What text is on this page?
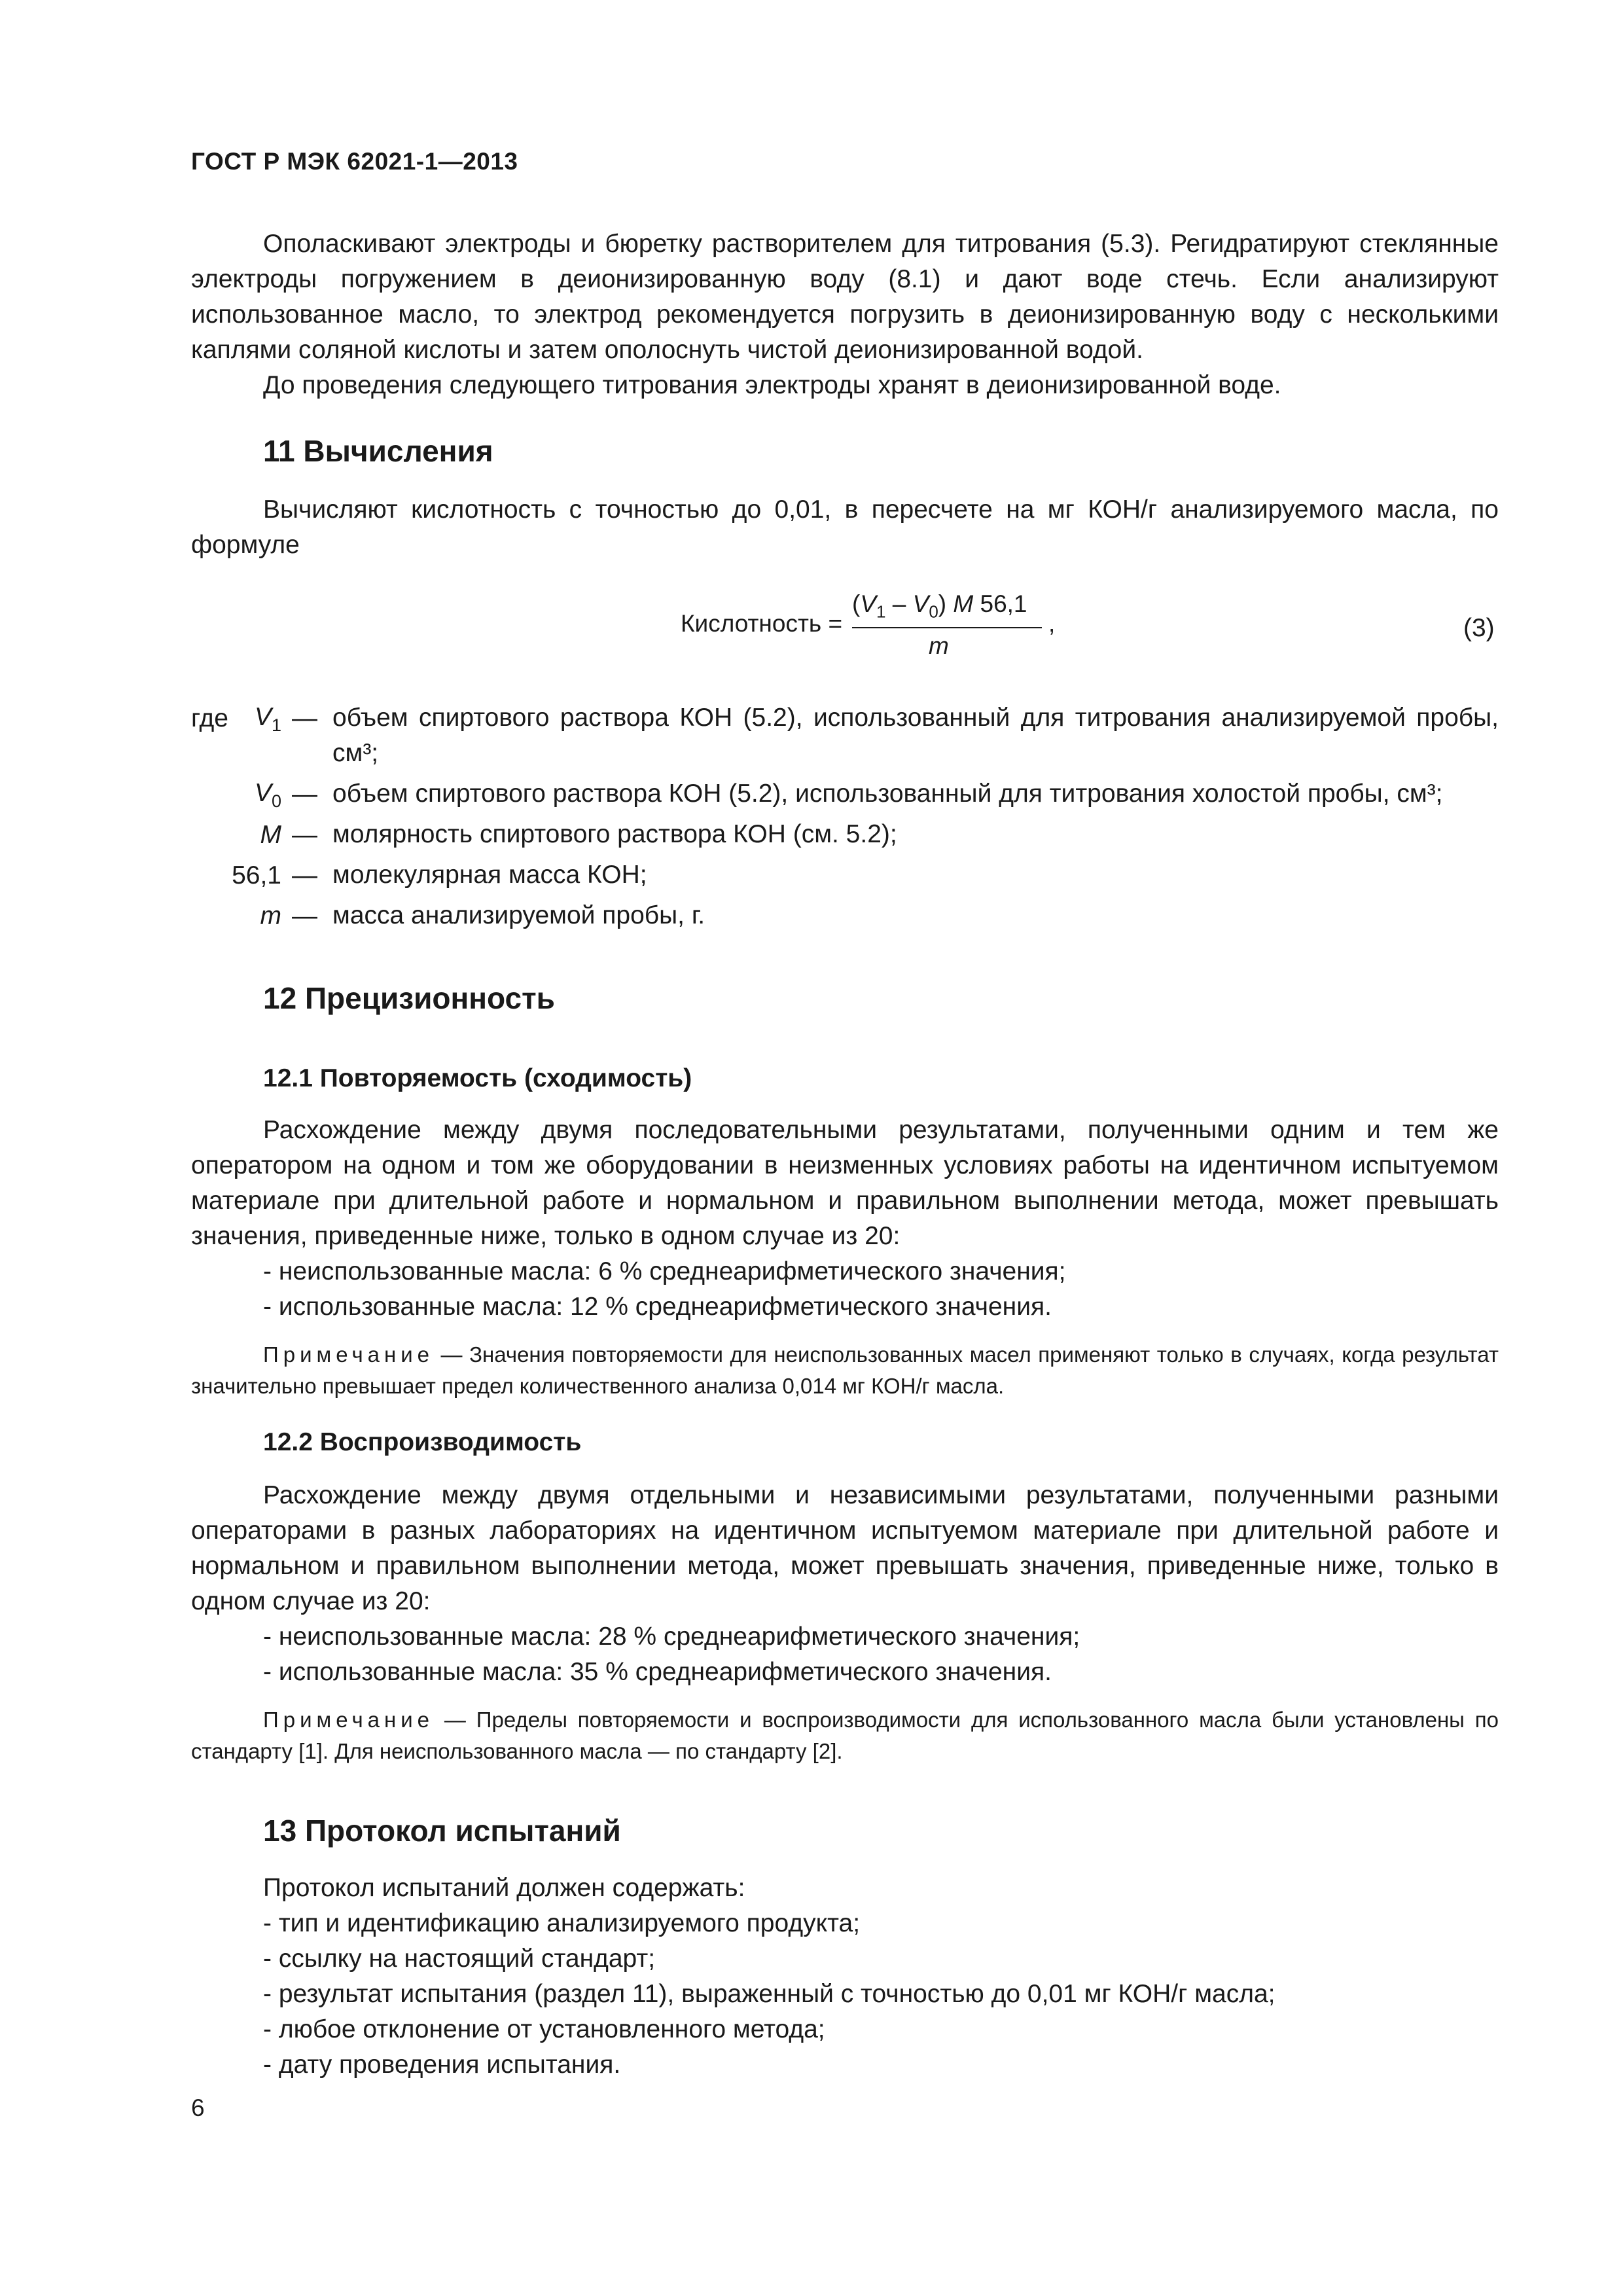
ГОСТ Р МЭК 62021-1—2013
Ополаскивают электроды и бюретку растворителем для титрования (5.3). Регидратируют стеклянные электроды погружением в деионизированную воду (8.1) и дают воде стечь. Если анализируют использованное масло, то электрод рекомендуется погрузить в деионизированную воду с несколькими каплями соляной кислоты и затем ополоснуть чистой деионизированной водой.
До проведения следующего титрования электроды хранят в деионизированной воде.
11 Вычисления
Вычисляют кислотность с точностью до 0,01, в пересчете на мг КОН/г анализируемого масла, по формуле
Кислотность =
$(V_1 - V_0)$ M 56,1
m
,	(3)
где	$V_1$ — объем спиртового раствора КОН (5.2), использованный для титрования анализируемой пробы, см³;
$V_0$ — объем спиртового раствора КОН (5.2), использованный для титрования холостой пробы, см³;
M — молярность спиртового раствора КОН (см. 5.2);
56,1 — молекулярная масса КОН;
m — масса анализируемой пробы, г.
12 Прецизионность
12.1 Повторяемость (сходимость)
Расхождение между двумя последовательными результатами, полученными одним и тем же оператором на одном и том же оборудовании в неизменных условиях работы на идентичном испытуемом материале при длительной работе и нормальном и правильном выполнении метода, может превышать значения, приведенные ниже, только в одном случае из 20:
- неиспользованные масла: 6 % среднеарифметического значения;
- использованные масла: 12 % среднеарифметического значения.
Примечание — Значения повторяемости для неиспользованных масел применяют только в случаях, когда результат значительно превышает предел количественного анализа 0,014 мг КОН/г масла.
12.2 Воспроизводимость
Расхождение между двумя отдельными и независимыми результатами, полученными разными операторами в разных лабораториях на идентичном испытуемом материале при длительной работе и нормальном и правильном выполнении метода, может превышать значения, приведенные ниже, только в одном случае из 20:
- неиспользованные масла: 28 % среднеарифметического значения;
- использованные масла: 35 % среднеарифметического значения.
Примечание — Пределы повторяемости и воспроизводимости для использованного масла были установлены по стандарту [1]. Для неиспользованного масла — по стандарту [2].
13 Протокол испытаний
Протокол испытаний должен содержать:
- тип и идентификацию анализируемого продукта;
- ссылку на настоящий стандарт;
- результат испытания (раздел 11), выраженный с точностью до 0,01 мг КОН/г масла;
- любое отклонение от установленного метода;
- дату проведения испытания.
6
